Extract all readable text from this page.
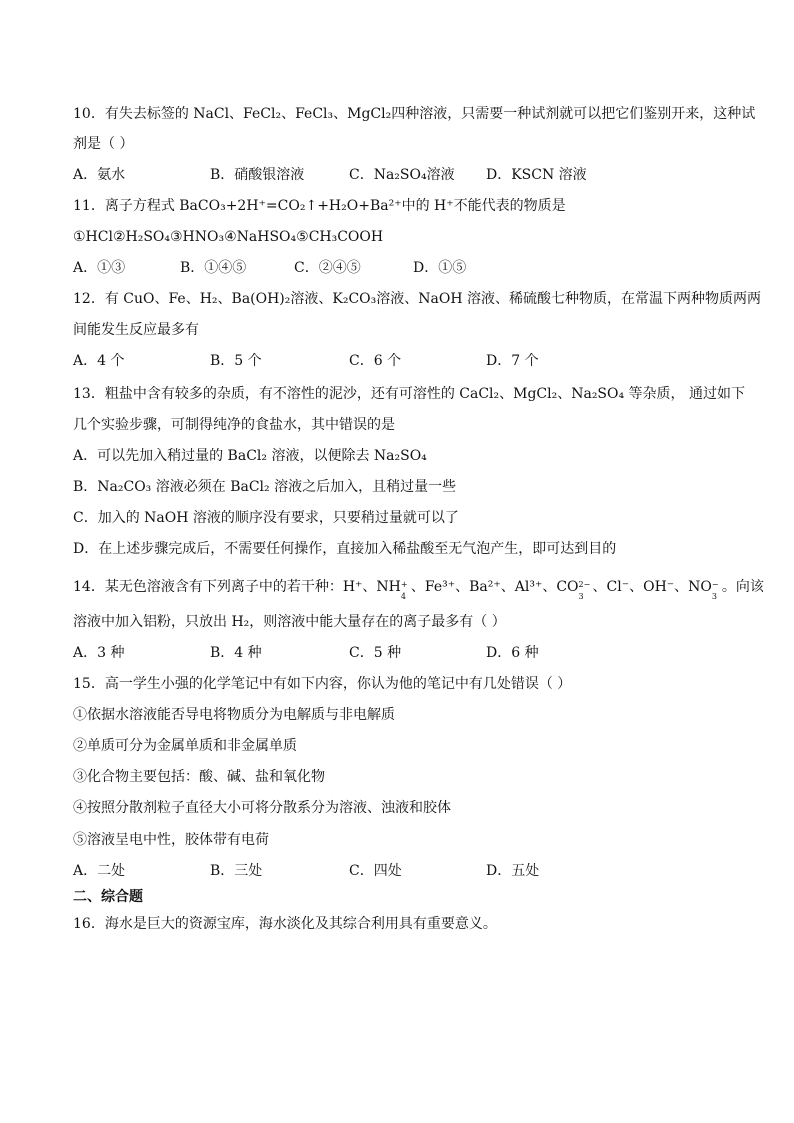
10．有失去标签的 NaCl、FeCl₂、FeCl₃、MgCl₂四种溶液，只需要一种试剂就可以把它们鉴别开来，这种试
剂是（ ）
A．氨水	B．硝酸银溶液	C．Na₂SO₄溶液 D．KSCN 溶液
11．离子方程式 BaCO₃+2H⁺=CO₂↑+H₂O+Ba²⁺中的 H⁺不能代表的物质是
①HCl②H₂SO₄③HNO₃④NaHSO₄⑤CH₃COOH
A．①③	B．①④⑤	C．②④⑤	D．①⑤
12．有 CuO、Fe、H₂、Ba(OH)₂溶液、K₂CO₃溶液、NaOH 溶液、稀硫酸七种物质，在常温下两种物质两两
间能发生反应最多有
A．4 个	B．5 个	C．6 个	D．7 个
13．粗盐中含有较多的杂质，有不溶性的泥沙，还有可溶性的 CaCl₂、MgCl₂、Na₂SO₄ 等杂质， 通过如下
几个实验步骤，可制得纯净的食盐水，其中错误的是
A．可以先加入稍过量的 BaCl₂ 溶液，以便除去 Na₂SO₄
B．Na₂CO₃ 溶液必须在 BaCl₂ 溶液之后加入，且稍过量一些
C．加入的 NaOH 溶液的顺序没有要求，只要稍过量就可以了
D．在上述步骤完成后，不需要任何操作，直接加入稀盐酸至无气泡产生，即可达到目的
14．某无色溶液含有下列离子中的若干种：H⁺、NH +
4
、Fe³⁺、Ba²⁺、Al³⁺、CO 2−
3
、Cl⁻、OH⁻、NO −
3
。向该
溶液中加入铝粉，只放出 H₂，则溶液中能大量存在的离子最多有（ ）
A．3 种	B．4 种	C．5 种	D．6 种
15．高一学生小强的化学笔记中有如下内容，你认为他的笔记中有几处错误（ ）
①依据水溶液能否导电将物质分为电解质与非电解质
②单质可分为金属单质和非金属单质
③化合物主要包括：酸、碱、盐和氧化物
④按照分散剂粒子直径大小可将分散系分为溶液、浊液和胶体
⑤溶液呈电中性，胶体带有电荷
A．二处	B．三处	C．四处	D．五处
二、综合题
16．海水是巨大的资源宝库，海水淡化及其综合利用具有重要意义。
